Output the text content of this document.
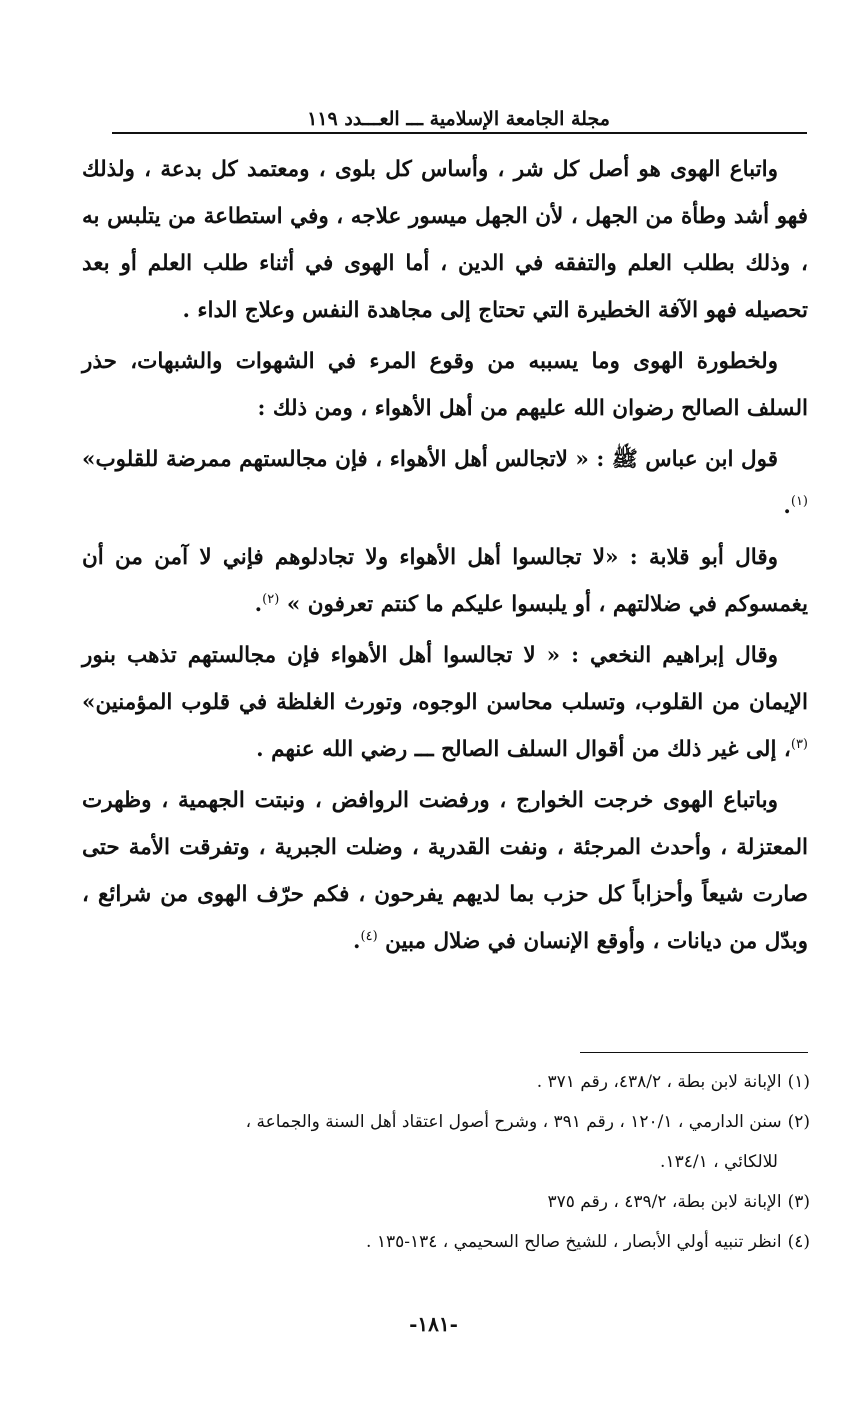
مجلة الجامعة الإسلامية ـــ العـــدد ١١٩

واتباع الهوى هو أصل كل شر ، وأساس كل بلوى ، ومعتمد كل بدعة ، ولذلك فهو أشد وطأة من الجهل ، لأن الجهل ميسور علاجه ، وفي استطاعة من يتلبس به ، وذلك بطلب العلم والتفقه في الدين ، أما الهوى في أثناء طلب العلم أو بعد تحصيله فهو الآفة الخطيرة التي تحتاج إلى مجاهدة النفس وعلاج الداء .

ولخطورة الهوى وما يسببه من وقوع المرء في الشهوات والشبهات، حذر السلف الصالح رضوان الله عليهم من أهل الأهواء ، ومن ذلك :

قول ابن عباس ﷺ : « لاتجالس أهل الأهواء ، فإن مجالستهم ممرضة للقلوب» $^{(١)}$.

وقال أبو قلابة : «لا تجالسوا أهل الأهواء ولا تجادلوهم فإني لا آمن من أن يغمسوكم في ضلالتهم ، أو يلبسوا عليكم ما كنتم تعرفون » $^{(٢)}$.

وقال إبراهيم النخعي : « لا تجالسوا أهل الأهواء فإن مجالستهم تذهب بنور الإيمان من القلوب، وتسلب محاسن الوجوه، وتورث الغلظة في قلوب المؤمنين» $^{(٣)}$، إلى غير ذلك من أقوال السلف الصالح ـــ رضي الله عنهم .

وباتباع الهوى خرجت الخوارج ، ورفضت الروافض ، ونبتت الجهمية ، وظهرت المعتزلة ، وأحدث المرجئة ، ونفت القدرية ، وضلت الجبرية ، وتفرقت الأمة حتى صارت شيعاً وأحزاباً كل حزب بما لديهم يفرحون ، فكم حرّف الهوى من شرائع ، وبدّل من ديانات ، وأوقع الإنسان في ضلال مبين $^{(٤)}$.

(١)الإبانة لابن بطة ، ٤٣٨/٢، رقم ٣٧١ .

(٢)سنن الدارمي ، ١٢٠/١ ، رقم ٣٩١ ، وشرح أصول اعتقاد أهل السنة والجماعة ،

للالكائي ، ١٣٤/١.

(٣)الإبانة لابن بطة، ٤٣٩/٢ ، رقم ٣٧٥

(٤)انظر تنبيه أولي الأبصار ، للشيخ صالح السحيمي ، ١٣٤-١٣٥ .

-١٨١-
